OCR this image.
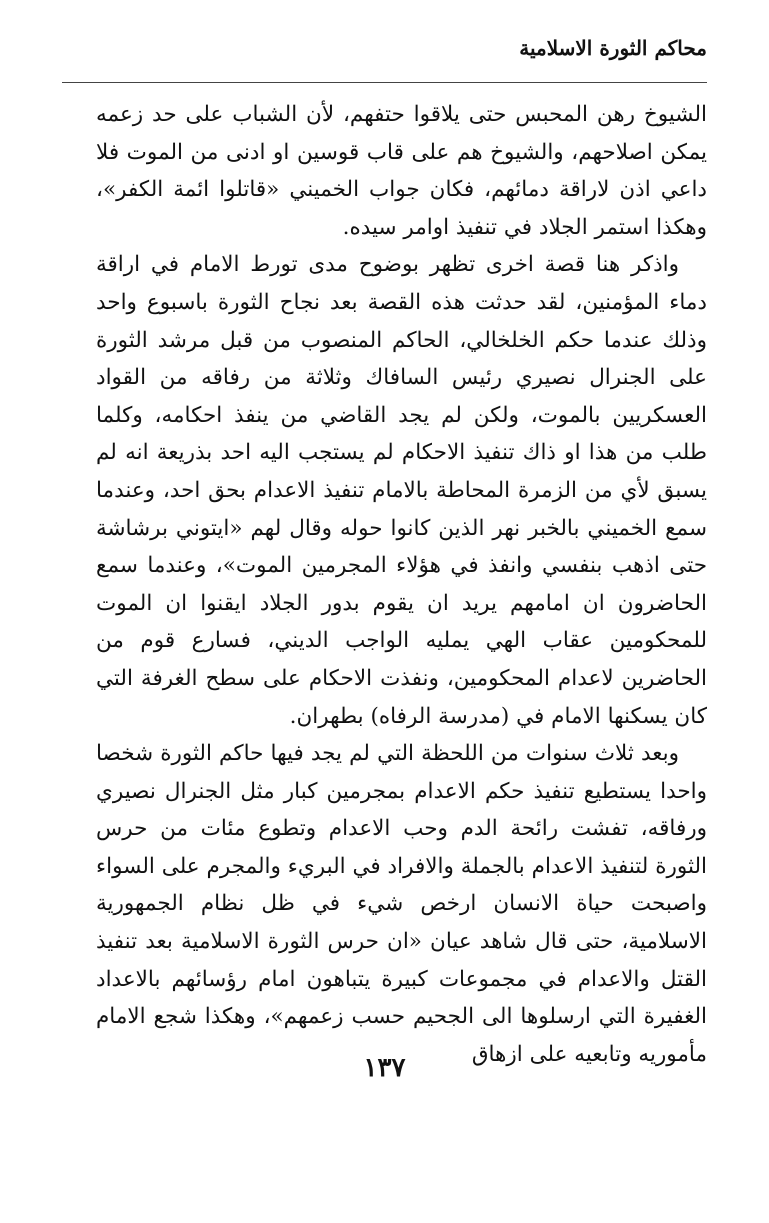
محاكم الثورة الاسلامية

الشيوخ رهن المحبس حتى يلاقوا حتفهم، لأن الشباب على حد زعمه يمكن اصلاحهم، والشيوخ هم على قاب قوسين او ادنى من الموت فلا داعي اذن لاراقة دمائهم، فكان جواب الخميني «قاتلوا ائمة الكفر»، وهكذا استمر الجلاد في تنفيذ اوامر سيده.

واذكر هنا قصة اخرى تظهر بوضوح مدى تورط الامام في اراقة دماء المؤمنين، لقد حدثت هذه القصة بعد نجاح الثورة باسبوع واحد وذلك عندما حكم الخلخالي، الحاكم المنصوب من قبل مرشد الثورة على الجنرال نصيري رئيس السافاك وثلاثة من رفاقه من القواد العسكريين بالموت، ولكن لم يجد القاضي من ينفذ احكامه، وكلما طلب من هذا او ذاك تنفيذ الاحكام لم يستجب اليه احد بذريعة انه لم يسبق لأي من الزمرة المحاطة بالامام تنفيذ الاعدام بحق احد، وعندما سمع الخميني بالخبر نهر الذين كانوا حوله وقال لهم «ايتوني برشاشة حتى اذهب بنفسي وانفذ في هؤلاء المجرمين الموت»، وعندما سمع الحاضرون ان امامهم يريد ان يقوم بدور الجلاد ايقنوا ان الموت للمحكومين عقاب الهي يمليه الواجب الديني، فسارع قوم من الحاضرين لاعدام المحكومين، ونفذت الاحكام على سطح الغرفة التي كان يسكنها الامام في (مدرسة الرفاه) بطهران.

وبعد ثلاث سنوات من اللحظة التي لم يجد فيها حاكم الثورة شخصا واحدا يستطيع تنفيذ حكم الاعدام بمجرمين كبار مثل الجنرال نصيري ورفاقه، تفشت رائحة الدم وحب الاعدام وتطوع مئات من حرس الثورة لتنفيذ الاعدام بالجملة والافراد في البريء والمجرم على السواء واصبحت حياة الانسان ارخص شيء في ظل نظام الجمهورية الاسلامية، حتى قال شاهد عيان «ان حرس الثورة الاسلامية بعد تنفيذ القتل والاعدام في مجموعات كبيرة يتباهون امام رؤسائهم بالاعداد الغفيرة التي ارسلوها الى الجحيم حسب زعمهم»، وهكذا شجع الامام مأموريه وتابعيه على ازهاق

١٣٧
